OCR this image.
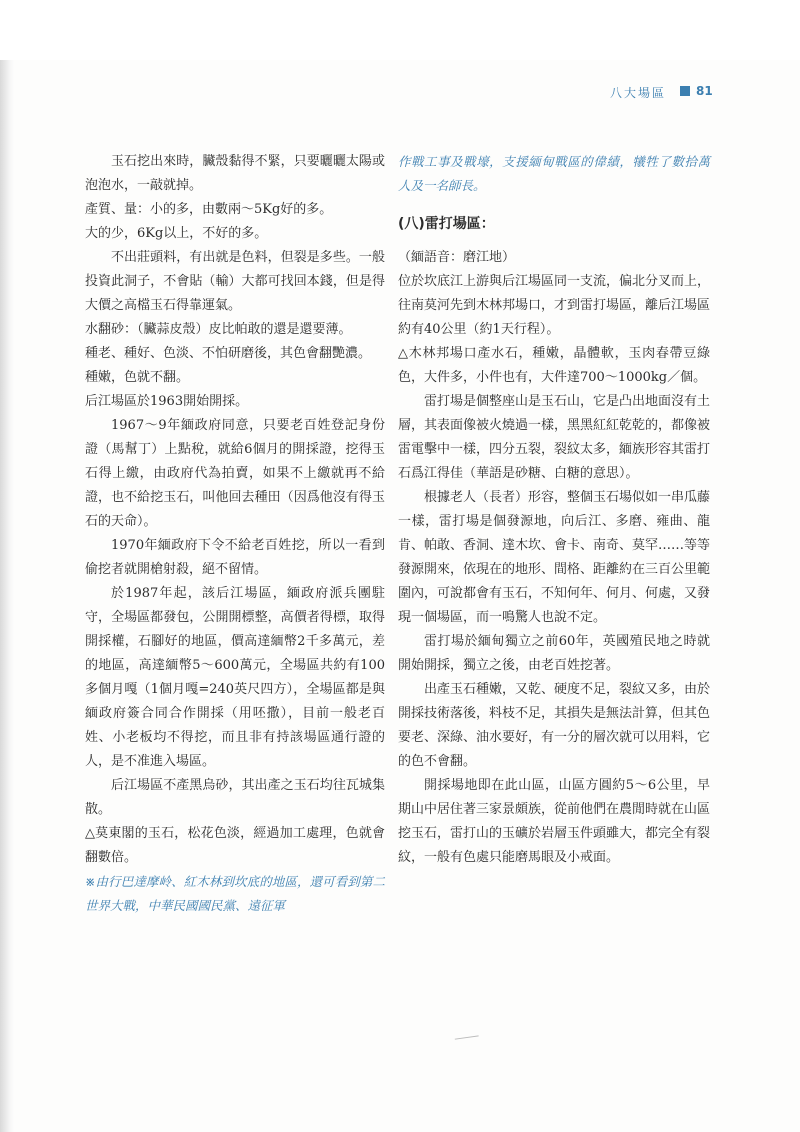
八大場區 81

玉石挖出來時，臟殼黏得不緊，只要曬曬太陽或泡泡水，一敲就掉。

產質、量：小的多，由數兩～5Kg好的多。

大的少，6Kg以上，不好的多。

不出莊頭料，有出就是色料，但裂是多些。一般投資此洞子，不會貼（輸）大都可找回本錢，但是得大價之高檔玉石得靠運氣。

水翻砂：（臟蒜皮殼）皮比帕敢的還是還要薄。

種老、種好、色淡、不怕研磨後，其色會翻艷濃。

種嫩，色就不翻。

后江場區於1963開始開採。

1967～9年緬政府同意，只要老百姓登記身份證（馬幫丁）上點稅，就給6個月的開採證，挖得玉石得上繳，由政府代為拍賣，如果不上繳就再不給證，也不給挖玉石，叫他回去種田（因爲他沒有得玉石的天命）。

1970年緬政府下令不給老百姓挖，所以一看到偷挖者就開槍射殺，絕不留情。

於1987年起，該后江場區，緬政府派兵團駐守，全場區都發包，公開開標整，高價者得標，取得開採權，石腳好的地區，價高達緬幣2千多萬元，差的地區，高達緬幣5～600萬元，全場區共約有100多個月嘎（1個月嘎=240英尺四方），全場區都是與緬政府簽合同合作開採（用呸撒），目前一般老百姓、小老板均不得挖，而且非有持該場區通行證的人，是不准進入場區。

后江場區不產黑烏砂，其出產之玉石均往瓦城集散。

△莫東閣的玉石，松花色淡，經過加工處理，色就會翻數倍。

※由行巴達摩岭、紅木林到坎底的地區，還可看到第二世界大戰，中華民國國民黨、遠征軍

作戰工事及戰壕，支援緬甸戰區的偉績，犧牲了數拾萬人及一名師長。

(八)雷打場區：

（緬語音：磨江地）

位於坎底江上游與后江場區同一支流，偏北分叉而上，往南莫河先到木林邦場口，才到雷打場區，離后江場區約有40公里（約1天行程）。

△木林邦場口產水石，種嫩，晶體軟，玉肉春帶豆綠色，大件多，小件也有，大件達700～1000kg／個。

雷打場是個整座山是玉石山，它是凸出地面沒有土層，其表面像被火燒過一樣，黑黑紅紅乾乾的，都像被雷電擊中一樣，四分五裂，裂紋太多，緬族形容其雷打石爲江得佳（華語是砂糖、白糖的意思）。

根據老人（長者）形容，整個玉石場似如一串瓜藤一樣，雷打場是個發源地，向后江、多磨、雍曲、龍肯、帕敢、香洞、達木坎、會卡、南奇、莫罕……等等發源開來，依現在的地形、間格、距離約在三百公里範圍內，可說都會有玉石，不知何年、何月、何處，又發現一個場區，而一鳴驚人也說不定。

雷打場於緬甸獨立之前60年，英國殖民地之時就開始開採，獨立之後，由老百姓挖著。

出產玉石種嫩，又乾、硬度不足，裂紋又多，由於開採技術落後，料枝不足，其損失是無法計算，但其色要老、深綠、油水要好，有一分的層次就可以用料，它的色不會翻。

開採場地即在此山區，山區方圓約5～6公里，早期山中居住著三家景頗族，從前他們在農閒時就在山區挖玉石，雷打山的玉礦於岩層玉件頭雖大，都完全有裂紋，一般有色處只能磨馬眼及小戒面。
